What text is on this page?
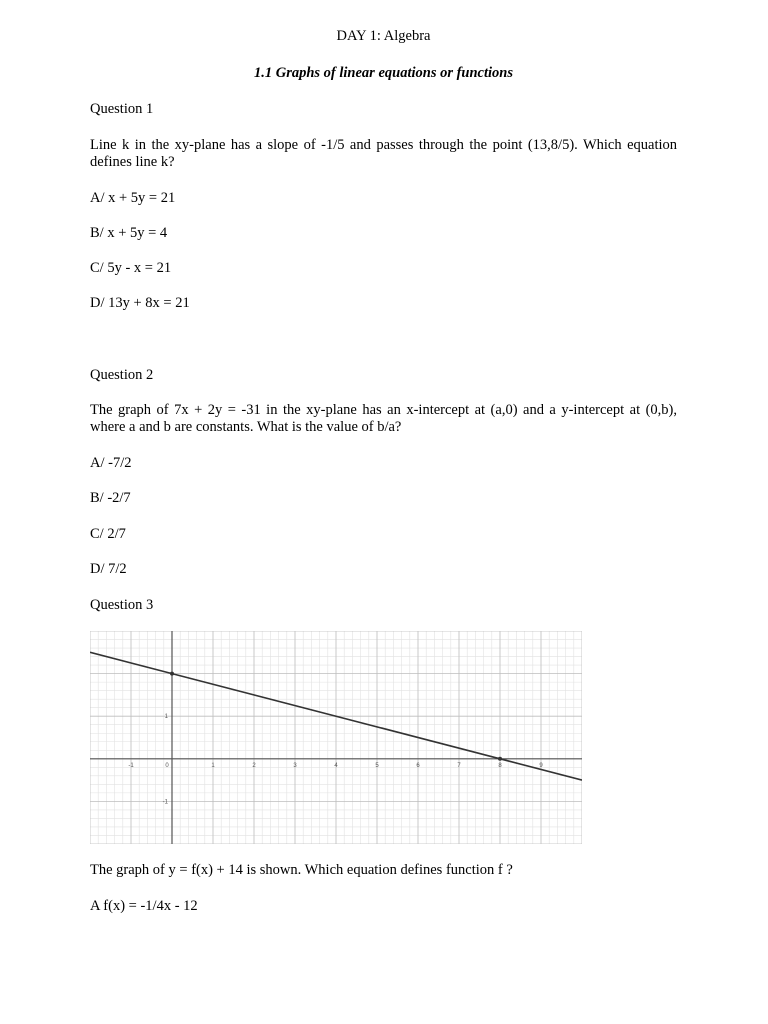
DAY 1: Algebra
1.1 Graphs of linear equations or functions
Question 1
Line k in the xy-plane has a slope of -1/5 and passes through the point (13,8/5). Which equation defines line k?
A/ x + 5y = 21
B/ x + 5y = 4
C/ 5y - x = 21
D/ 13y + 8x = 21
Question 2
The graph of 7x + 2y = -31 in the xy-plane has an x-intercept at (a,0) and a y-intercept at (0,b), where a and b are constants. What is the value of b/a?
A/ -7/2
B/ -2/7
C/ 2/7
D/ 7/2
Question 3
The graph of y = f(x) + 14 is shown. Which equation defines function f ?
A f(x) = -1/4x - 12
-1	0	1	2	3	4	5	6	7	8	9
-1
1
